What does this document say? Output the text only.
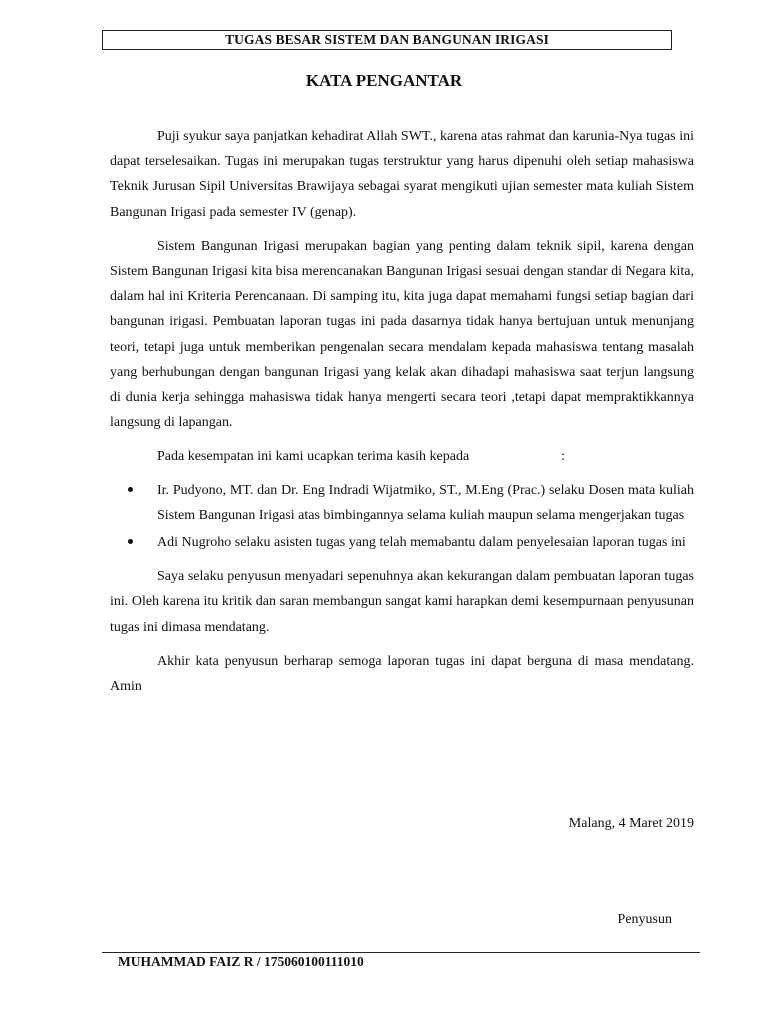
TUGAS BESAR SISTEM DAN BANGUNAN IRIGASI
KATA PENGANTAR

Puji syukur saya panjatkan kehadirat Allah SWT., karena atas rahmat dan karunia-Nya tugas ini dapat terselesaikan. Tugas ini merupakan tugas terstruktur yang harus dipenuhi oleh setiap mahasiswa Teknik Jurusan Sipil Universitas Brawijaya sebagai syarat mengikuti ujian semester mata kuliah Sistem Bangunan Irigasi pada semester IV (genap).

Sistem Bangunan Irigasi merupakan bagian yang penting dalam teknik sipil, karena dengan Sistem Bangunan Irigasi kita bisa merencanakan Bangunan Irigasi sesuai dengan standar di Negara kita, dalam hal ini Kriteria Perencanaan. Di samping itu, kita juga dapat memahami fungsi setiap bagian dari bangunan irigasi. Pembuatan laporan tugas ini pada dasarnya tidak hanya bertujuan untuk menunjang teori, tetapi juga untuk memberikan pengenalan secara mendalam kepada mahasiswa tentang masalah yang berhubungan dengan bangunan Irigasi yang kelak akan dihadapi mahasiswa saat terjun langsung di dunia kerja sehingga mahasiswa tidak hanya mengerti secara teori ,tetapi dapat mempraktikkannya langsung di lapangan.

Pada kesempatan ini kami ucapkan terima kasih kepada	:

Ir. Pudyono, MT. dan Dr. Eng Indradi Wijatmiko, ST., M.Eng (Prac.) selaku Dosen mata kuliah Sistem Bangunan Irigasi atas bimbingannya selama kuliah maupun selama mengerjakan tugas
Adi Nugroho selaku asisten tugas yang telah memabantu dalam penyelesaian laporan tugas ini

Saya selaku penyusun menyadari sepenuhnya akan kekurangan dalam pembuatan laporan tugas ini. Oleh karena itu kritik dan saran membangun sangat kami harapkan demi kesempurnaan penyusunan tugas ini dimasa mendatang.

Akhir kata penyusun berharap semoga laporan tugas ini dapat berguna di masa mendatang. Amin

Malang, 4 Maret 2019
Penyusun
MUHAMMAD FAIZ R / 175060100111010
